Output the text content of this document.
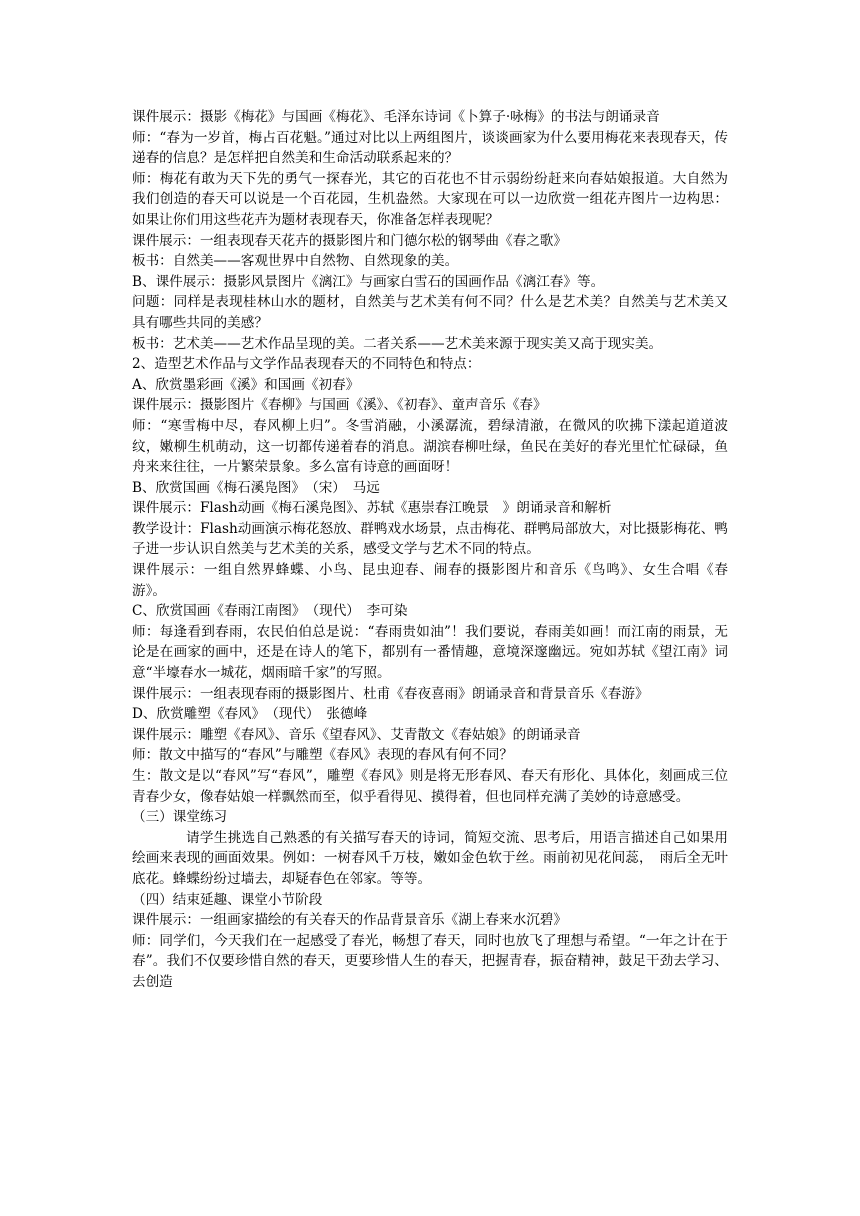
课件展示：摄影《梅花》与国画《梅花》、毛泽东诗词《卜算子·咏梅》的书法与朗诵录音

师：“春为一岁首，梅占百花魁。”通过对比以上两组图片，谈谈画家为什么要用梅花来表现春天，传递春的信息？是怎样把自然美和生命活动联系起来的？

师：梅花有敢为天下先的勇气一探春光，其它的百花也不甘示弱纷纷赶来向春姑娘报道。大自然为我们创造的春天可以说是一个百花园，生机盎然。大家现在可以一边欣赏一组花卉图片一边构思：如果让你们用这些花卉为题材表现春天，你准备怎样表现呢？

课件展示：一组表现春天花卉的摄影图片和门德尔松的钢琴曲《春之歌》

板书：自然美——客观世界中自然物、自然现象的美。

B、课件展示：摄影风景图片《漓江》与画家白雪石的国画作品《漓江春》等。

问题：同样是表现桂林山水的题材，自然美与艺术美有何不同？什么是艺术美？自然美与艺术美又具有哪些共同的美感？

板书：艺术美——艺术作品呈现的美。二者关系——艺术美来源于现实美又高于现实美。

2、造型艺术作品与文学作品表现春天的不同特色和特点：

A、欣赏墨彩画《溪》和国画《初春》

课件展示：摄影图片《春柳》与国画《溪》、《初春》、童声音乐《春》

师：“寒雪梅中尽，春风柳上归”。冬雪消融，小溪潺流，碧绿清澈，在微风的吹拂下漾起道道波纹，嫩柳生机萌动，这一切都传递着春的消息。湖滨春柳吐绿，鱼民在美好的春光里忙忙碌碌，鱼舟来来往往，一片繁荣景象。多么富有诗意的画面呀！

B、欣赏国画《梅石溪凫图》　（宋）　马远

课件展示：Flash动画《梅石溪凫图》、苏轼《惠崇春江晚景　》朗诵录音和解析

教学设计：Flash动画演示梅花怒放、群鸭戏水场景，点击梅花、群鸭局部放大，对比摄影梅花、鸭子进一步认识自然美与艺术美的关系，感受文学与艺术不同的特点。

课件展示：一组自然界蜂蝶、小鸟、昆虫迎春、闹春的摄影图片和音乐《鸟鸣》、女生合唱《春游》。

C、欣赏国画《春雨江南图》　（现代）　李可染

师：每逢看到春雨，农民伯伯总是说：“春雨贵如油”！我们要说，春雨美如画！而江南的雨景，无论是在画家的画中，还是在诗人的笔下，都别有一番情趣，意境深邃幽远。宛如苏轼《望江南》词意“半壕春水一城花，烟雨暗千家”的写照。

课件展示：一组表现春雨的摄影图片、杜甫《春夜喜雨》朗诵录音和背景音乐《春游》

D、欣赏雕塑《春风》　（现代）　张德峰

课件展示：雕塑《春风》、音乐《望春风》、艾青散文《春姑娘》的朗诵录音

师：散文中描写的“春风”与雕塑《春风》表现的春风有何不同？

生：散文是以“春风”写“春风”，雕塑《春风》则是将无形春风、春天有形化、具体化，刻画成三位青春少女，像春姑娘一样飘然而至，似乎看得见、摸得着，但也同样充满了美妙的诗意感受。

（三）课堂练习

请学生挑选自己熟悉的有关描写春天的诗词，简短交流、思考后，用语言描述自己如果用绘画来表现的画面效果。例如：一树春风千万枝，嫩如金色软于丝。雨前初见花间蕊，　雨后全无叶底花。蜂蝶纷纷过墙去，却疑春色在邻家。等等。

（四）结束延趣、课堂小节阶段

课件展示：一组画家描绘的有关春天的作品背景音乐《湖上春来水沉碧》

师：同学们，今天我们在一起感受了春光，畅想了春天，同时也放飞了理想与希望。“一年之计在于春”。我们不仅要珍惜自然的春天，更要珍惜人生的春天，把握青春，振奋精神，鼓足干劲去学习、去创造
